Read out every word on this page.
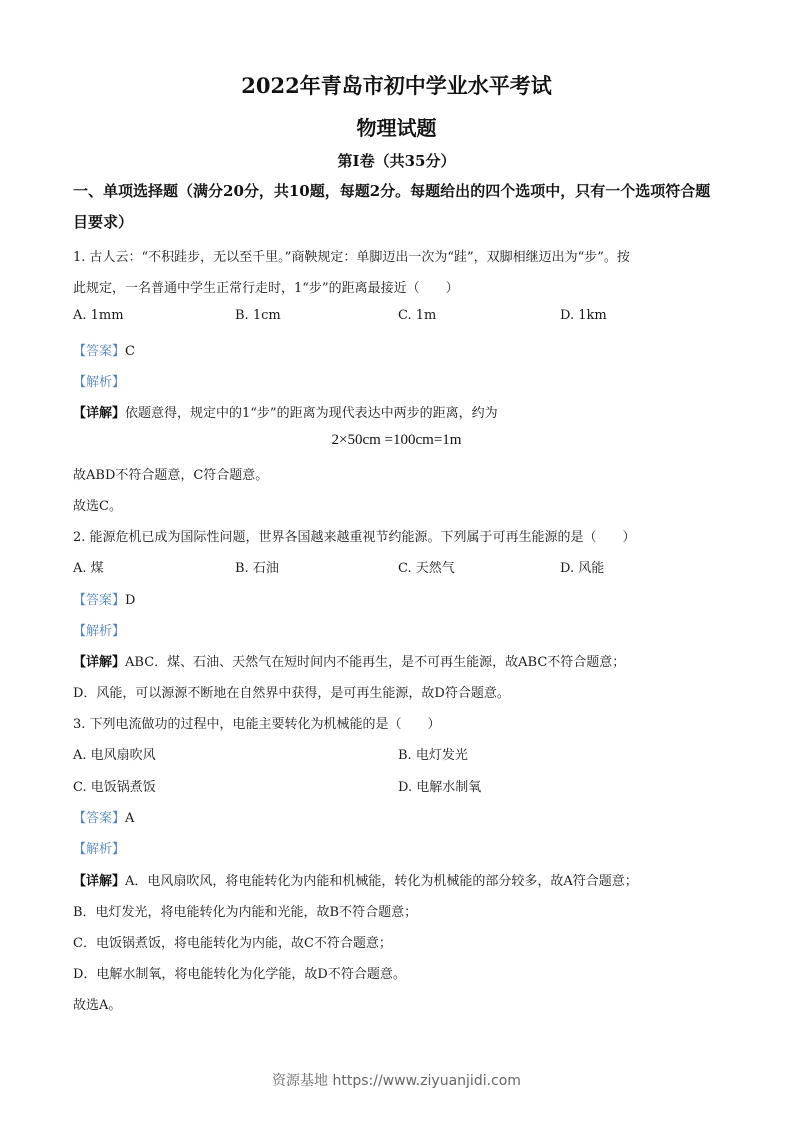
2022年青岛市初中学业水平考试
物理试题
第I卷（共35分）
一、单项选择题（满分20分，共10题，每题2分。每题给出的四个选项中，只有一个选项符合题目要求）
1. 古人云：“不积跬步，无以至千里。”商鞅规定：单脚迈出一次为“跬”，双脚相继迈出为“步”。按
此规定，一名普通中学生正常行走时，1“步”的距离最接近（　　）
A. 1mm	B. 1cm	C. 1m	D. 1km
【答案】C
【解析】
【详解】依题意得，规定中的1“步”的距离为现代表达中两步的距离，约为
2×50cm =100cm=1m
故ABD不符合题意，C符合题意。
故选C。
2. 能源危机已成为国际性问题，世界各国越来越重视节约能源。下列属于可再生能源的是（　　）
A. 煤	B. 石油	C. 天然气	D. 风能
【答案】D
【解析】
【详解】ABC．煤、石油、天然气在短时间内不能再生，是不可再生能源，故ABC不符合题意；
D．风能，可以源源不断地在自然界中获得，是可再生能源，故D符合题意。
3. 下列电流做功的过程中，电能主要转化为机械能的是（　　）
A. 电风扇吹风	B. 电灯发光
C. 电饭锅煮饭	D. 电解水制氧
【答案】A
【解析】
【详解】A．电风扇吹风，将电能转化为内能和机械能，转化为机械能的部分较多，故A符合题意；
B．电灯发光，将电能转化为内能和光能，故B不符合题意；
C．电饭锅煮饭，将电能转化为内能，故C不符合题意；
D．电解水制氧，将电能转化为化学能，故D不符合题意。
故选A。
资源基地 https://www.ziyuanjidi.com
